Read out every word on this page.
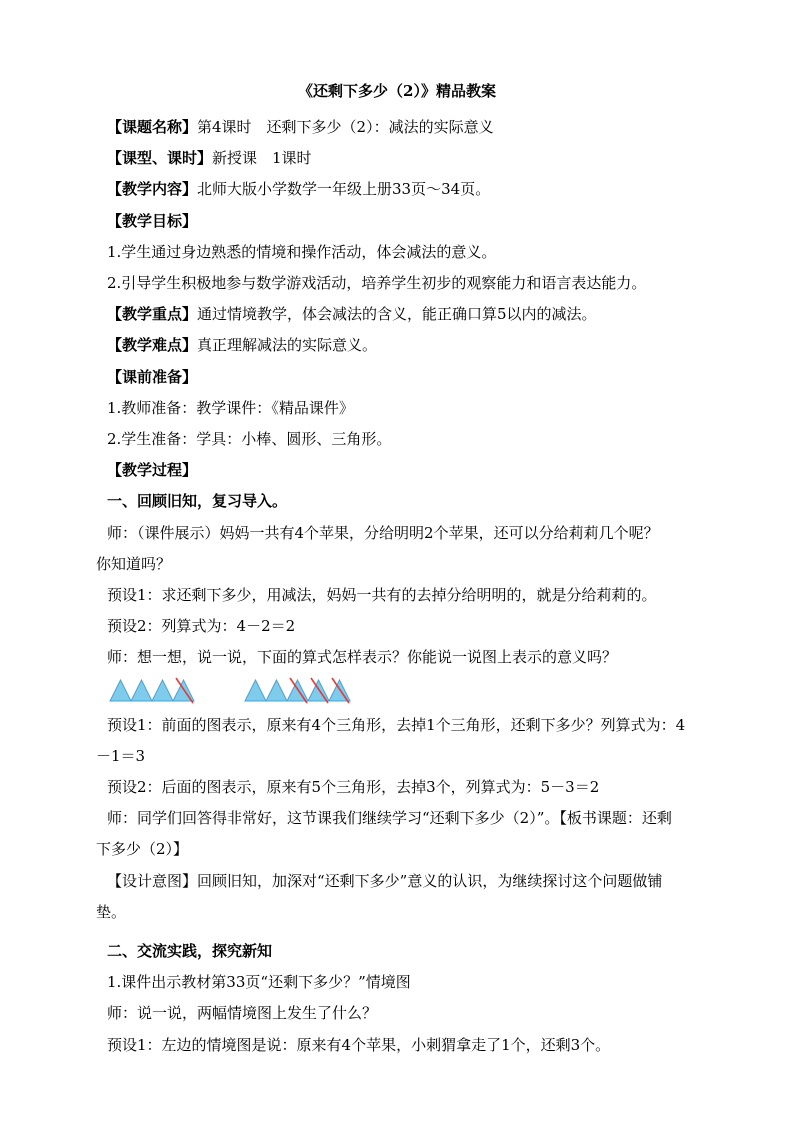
《还剩下多少（2）》精品教案

【课题名称】第4课时　还剩下多少（2）：减法的实际意义

【课型、课时】新授课　1课时

【教学内容】北师大版小学数学一年级上册33页～34页。

【教学目标】

1.学生通过身边熟悉的情境和操作活动，体会减法的意义。

2.引导学生积极地参与数学游戏活动，培养学生初步的观察能力和语言表达能力。

【教学重点】通过情境教学，体会减法的含义，能正确口算5以内的减法。

【教学难点】真正理解减法的实际意义。

【课前准备】

1.教师准备：教学课件：《精品课件》

2.学生准备：学具：小棒、圆形、三角形。

【教学过程】

一、回顾旧知，复习导入。

师：（课件展示）妈妈一共有4个苹果，分给明明2个苹果，还可以分给莉莉几个呢？

你知道吗？

预设1：求还剩下多少，用减法，妈妈一共有的去掉分给明明的，就是分给莉莉的。

预设2：列算式为：4－2＝2

师：想一想，说一说，下面的算式怎样表示？你能说一说图上表示的意义吗？

预设1：前面的图表示，原来有4个三角形，去掉1个三角形，还剩下多少？列算式为：4

－1＝3

预设2：后面的图表示，原来有5个三角形，去掉3个，列算式为：5－3＝2

师：同学们回答得非常好，这节课我们继续学习“还剩下多少（2）”。【板书课题：还剩

下多少（2）】

【设计意图】回顾旧知，加深对“还剩下多少”意义的认识，为继续探讨这个问题做铺

垫。

二、交流实践，探究新知

1.课件出示教材第33页“还剩下多少？”情境图

师：说一说，两幅情境图上发生了什么？

预设1：左边的情境图是说：原来有4个苹果，小刺猬拿走了1个，还剩3个。
